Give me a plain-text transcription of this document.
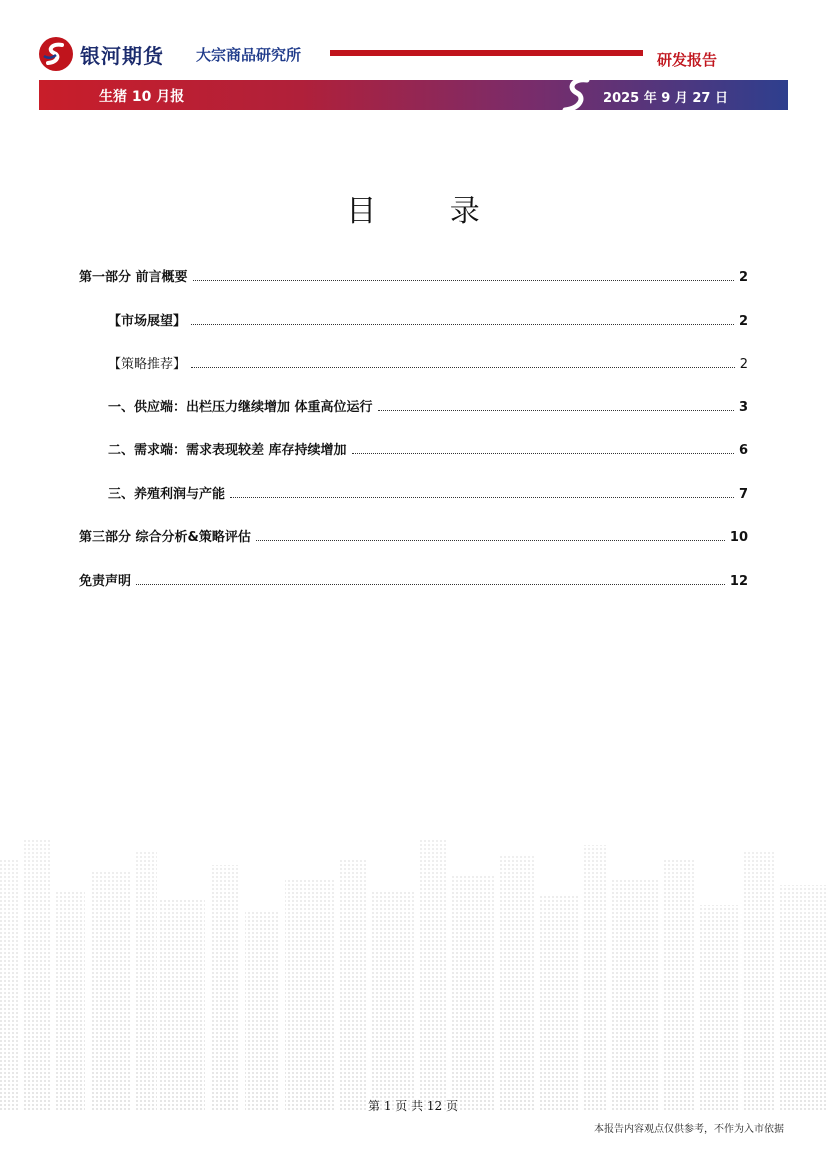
银河期货 大宗商品研究所	研发报告
生猪 10 月报	2025 年 9 月 27 日
目 录
第一部分 前言概要	2
【市场展望】	2
【策略推荐】	2
一、供应端：出栏压力继续增加 体重高位运行	3
二、需求端：需求表现较差 库存持续增加	6
三、养殖利润与产能	7
第三部分 综合分析&策略评估	10
免责声明	12
第 1 页 共 12 页
本报告内容观点仅供参考，不作为入市依据
